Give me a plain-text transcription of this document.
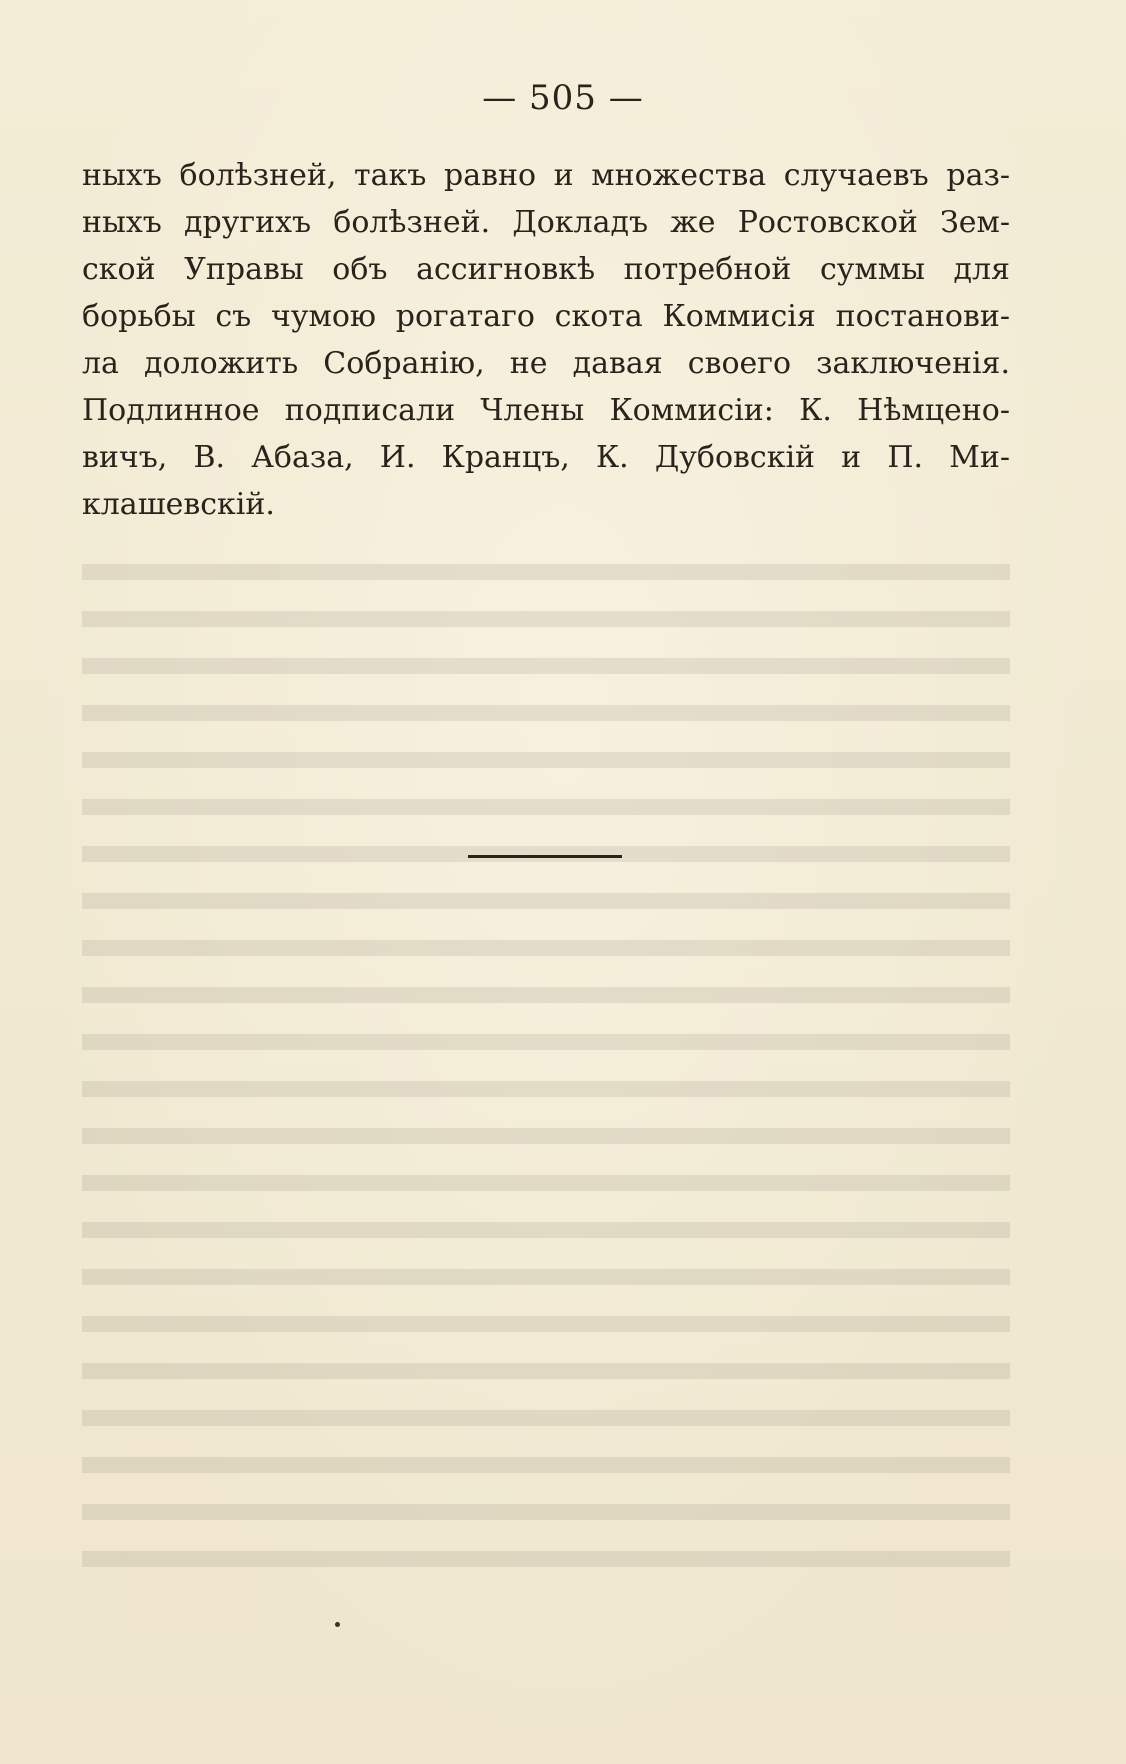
— 505 —
ныхъ болѣзней, такъ равно и множества случаевъ раз-
ныхъ другихъ болѣзней. Докладъ же Ростовской Зем-
ской Управы объ ассигновкѣ потребной суммы для
борьбы съ чумою рогатаго скота Коммисія постанови-
ла доложить Собранію, не давая своего заключенія.
Подлинное подписали Члены Коммисіи: К. Нѣмцено-
вичъ, В. Абаза, И. Кранцъ, К. Дубовскій и П. Ми-
клашевскій.
